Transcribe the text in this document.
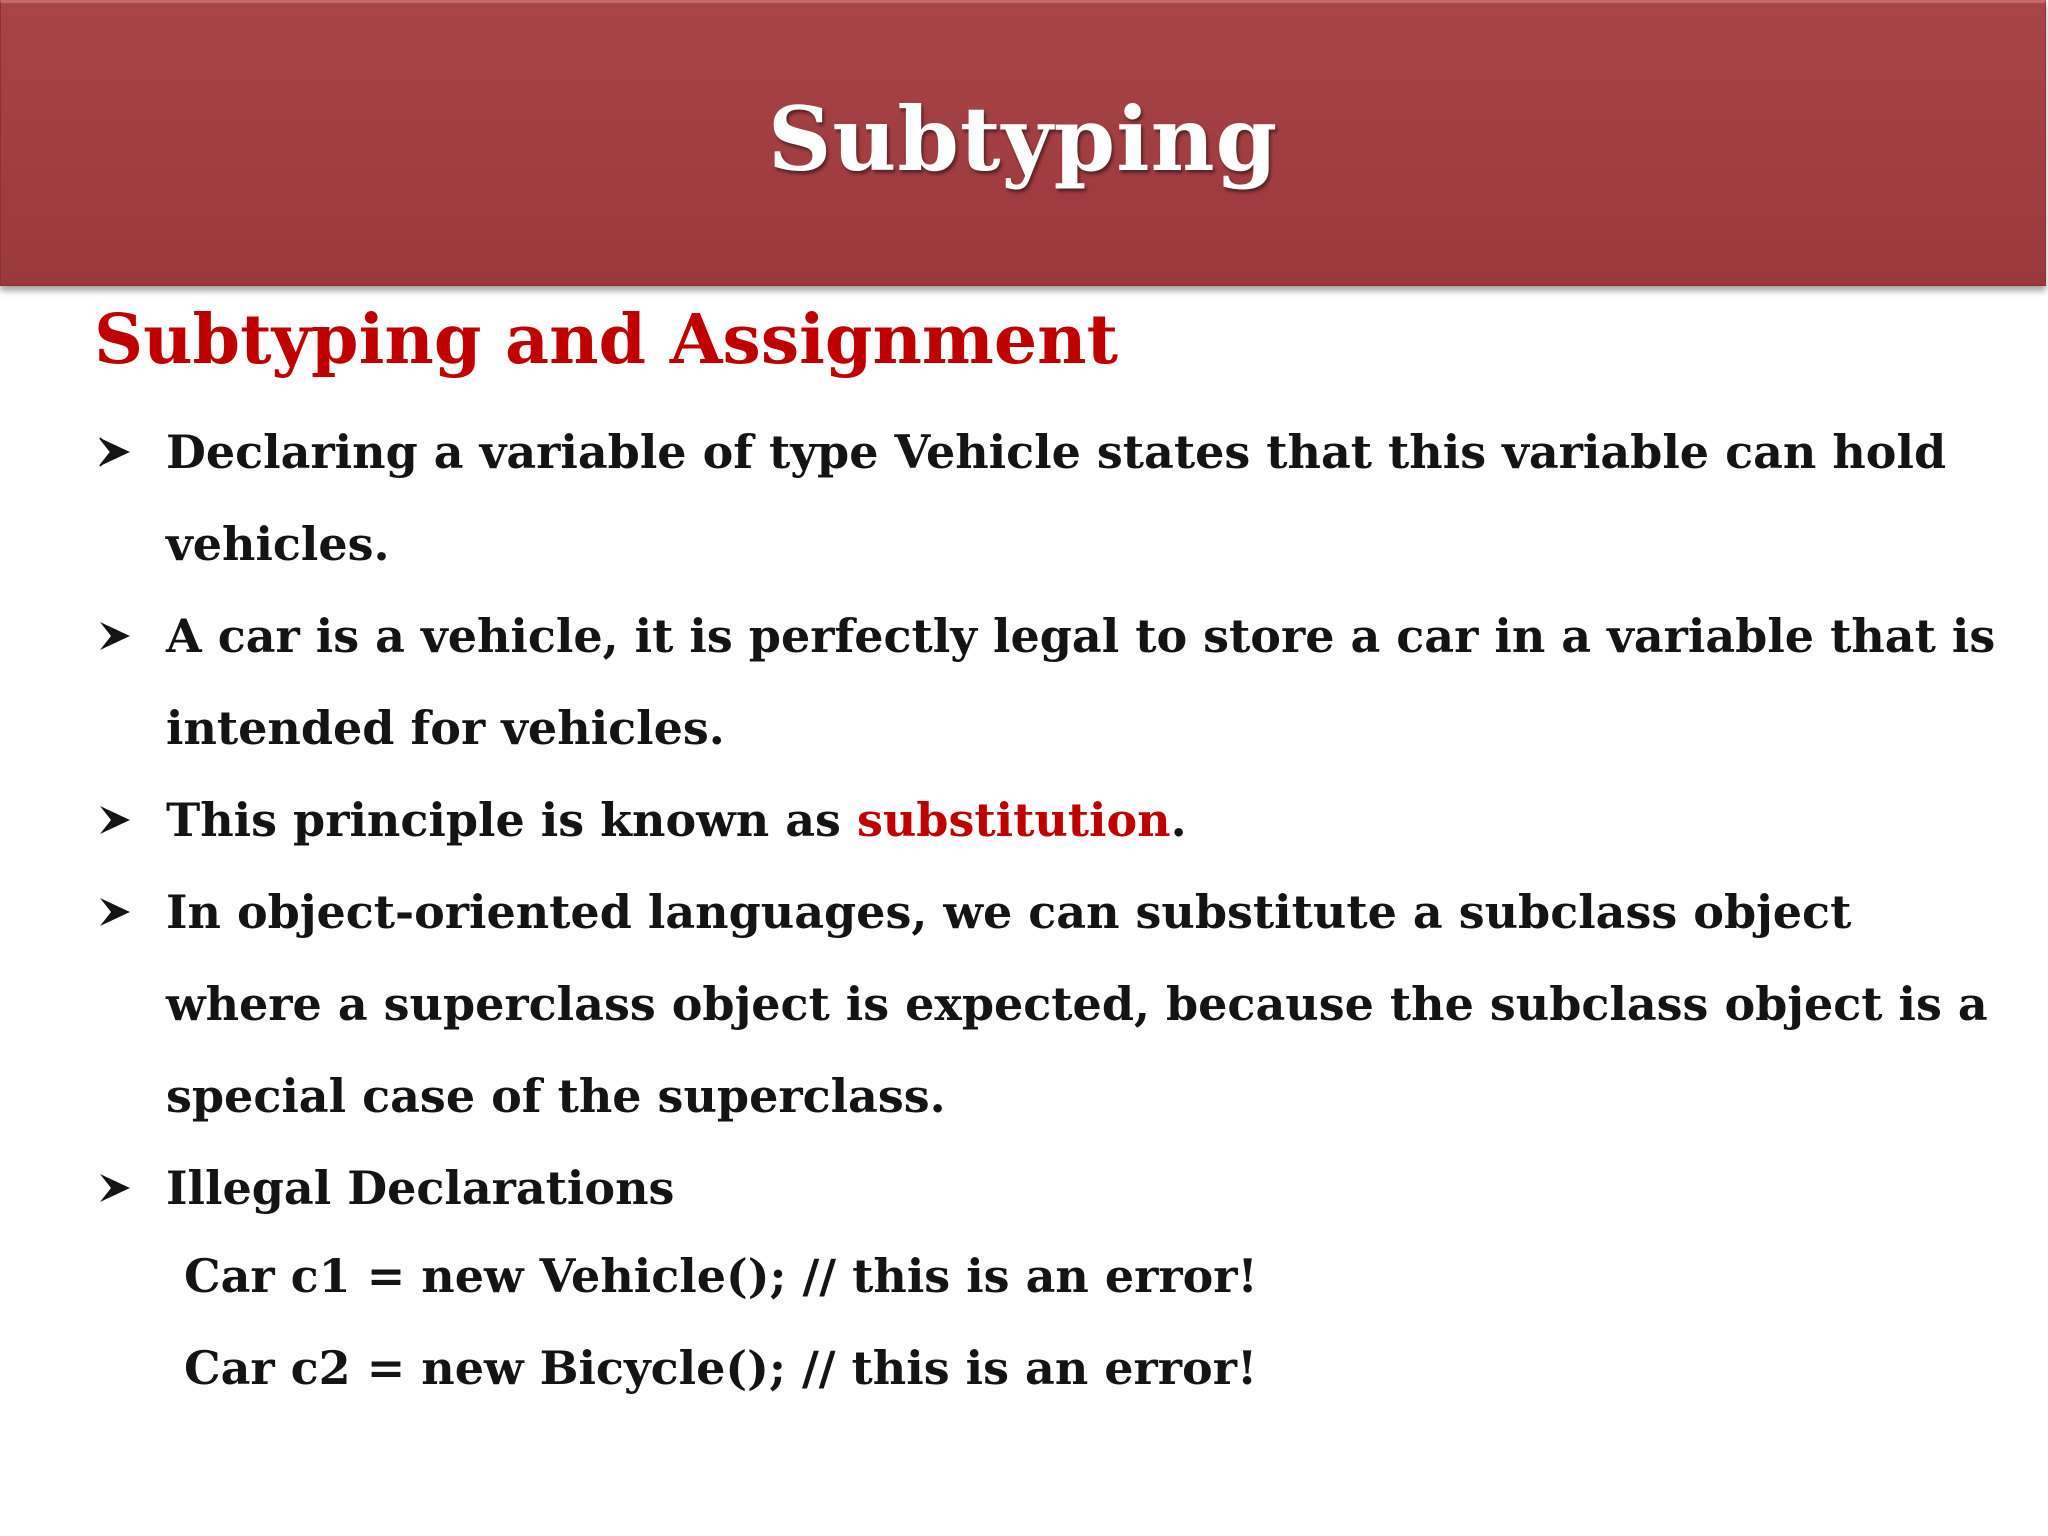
Subtyping
Subtyping and Assignment
Declaring a variable of type Vehicle states that this variable can hold vehicles.
A car is a vehicle, it is perfectly legal to store a car in a variable that is intended for vehicles.
This principle is known as substitution.
In object-oriented languages, we can substitute a subclass object where a superclass object is expected, because the subclass object is a special case of the superclass.
Illegal Declarations
Car c1 = new Vehicle(); // this is an error!
Car c2 = new Bicycle(); // this is an error!
